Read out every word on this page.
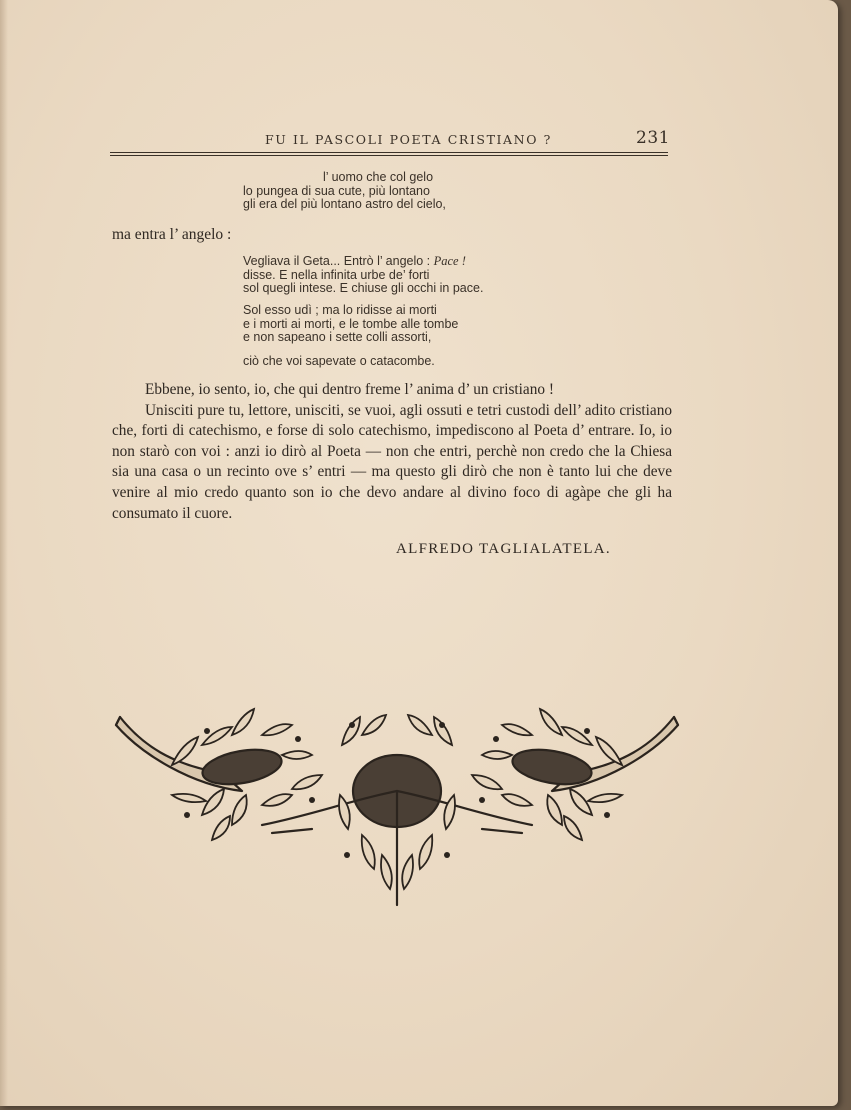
FU IL PASCOLI POETA CRISTIANO ?	231
l’ uomo che col gelo
lo pungea di sua cute, più lontano
gli era del più lontano astro del cielo,
ma entra l’ angelo :
Vegliava il Geta... Entrò l’ angelo : Pace !
disse. E nella infinita urbe de’ forti
sol quegli intese. E chiuse gli occhi in pace.
Sol esso udì ; ma lo ridisse ai morti
e i morti ai morti, e le tombe alle tombe
e non sapeano i sette colli assorti,
ciò che voi sapevate o catacombe.

Ebbene, io sento, io, che qui dentro freme l’ anima d’ un cristiano !

Unisciti pure tu, lettore, unisciti, se vuoi, agli ossuti e tetri custodi dell’ adito cristiano che, forti di catechismo, e forse di solo catechismo, impediscono al Poeta d’ entrare. Io, io non starò con voi : anzi io dirò al Poeta — non che entri, perchè non credo che la Chiesa sia una casa o un recinto ove s’ entri — ma questo gli dirò che non è tanto lui che deve venire al mio credo quanto son io che devo andare al divino foco di agàpe che gli ha consumato il cuore.

ALFREDO TAGLIALATELA.
